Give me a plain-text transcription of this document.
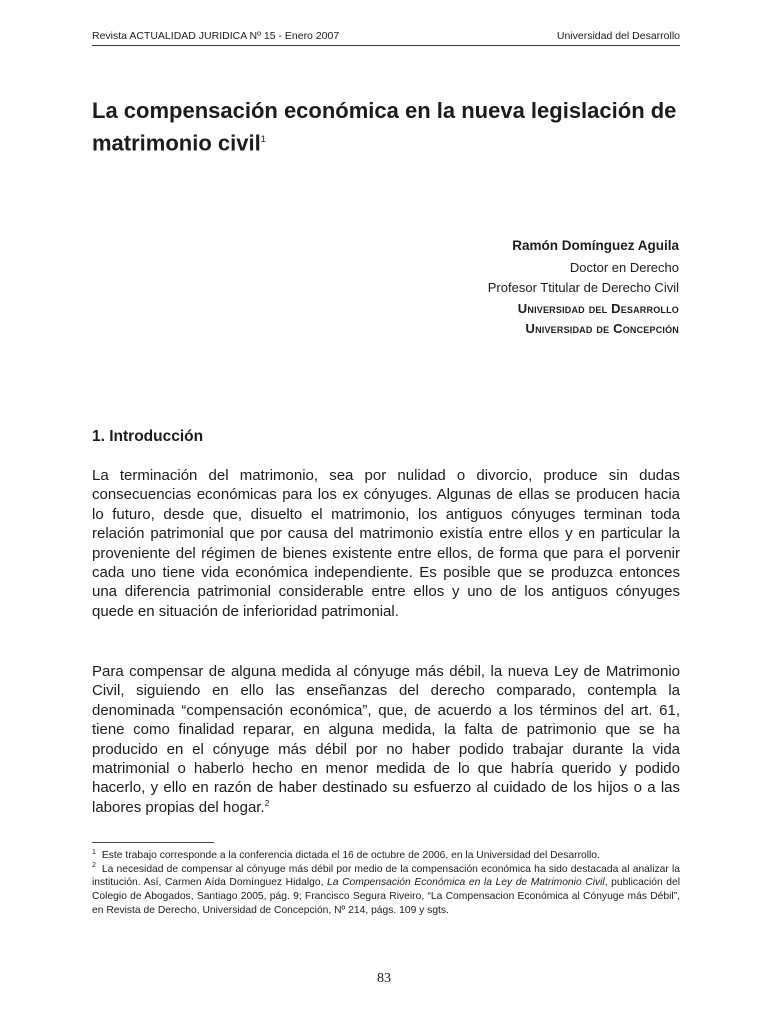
Revista ACTUALIDAD JURIDICA Nº 15 - Enero 2007	Universidad del Desarrollo
La compensación económica en la nueva legislación de matrimonio civil$^1$
Ramón Domínguez Aguila
Doctor en Derecho
Profesor Ttitular de Derecho Civil
Universidad del Desarrollo
Universidad de Concepción
1. Introducción

La terminación del matrimonio, sea por nulidad o divorcio, produce sin dudas consecuencias económicas para los ex cónyuges. Algunas de ellas se producen hacia lo futuro, desde que, disuelto el matrimonio, los antiguos cónyuges terminan toda relación patrimonial que por causa del matrimonio existía entre ellos y en particular la proveniente del régimen de bienes existente entre ellos, de forma que para el porvenir cada uno tiene vida económica independiente. Es posible que se produzca entonces una diferencia patrimonial considerable entre ellos y uno de los antiguos cónyuges quede en situación de inferioridad patrimonial.

Para compensar de alguna medida al cónyuge más débil, la nueva Ley de Matrimonio Civil, siguiendo en ello las enseñanzas del derecho comparado, contempla la denominada “compensación económica”, que, de acuerdo a los términos del art. 61, tiene como finalidad reparar, en alguna medida, la falta de patrimonio que se ha producido en el cónyuge más débil por no haber podido trabajar durante la vida matrimonial o haberlo hecho en menor medida de lo que habría querido y podido hacerlo, y ello en razón de haber destinado su esfuerzo al cuidado de los hijos o a las labores propias del hogar.$^2$

$^1$ Este trabajo corresponde a la conferencia dictada el 16 de octubre de 2006, en la Universidad del Desarrollo.

$^2$ La necesidad de compensar al cónyuge más débil por medio de la compensación económica ha sido destacada al analizar la institución. Así, Carmen Aída Domínguez Hidalgo, La Compensación Económica en la Ley de Matrimonio Civil, publicación del Colegio de Abogados, Santiago 2005, pág. 9; Francisco Segura Riveiro, “La Compensacion Económica al Cónyuge más Débil”, en Revista de Derecho, Universidad de Concepción, Nº 214, págs. 109 y sgts.

83
